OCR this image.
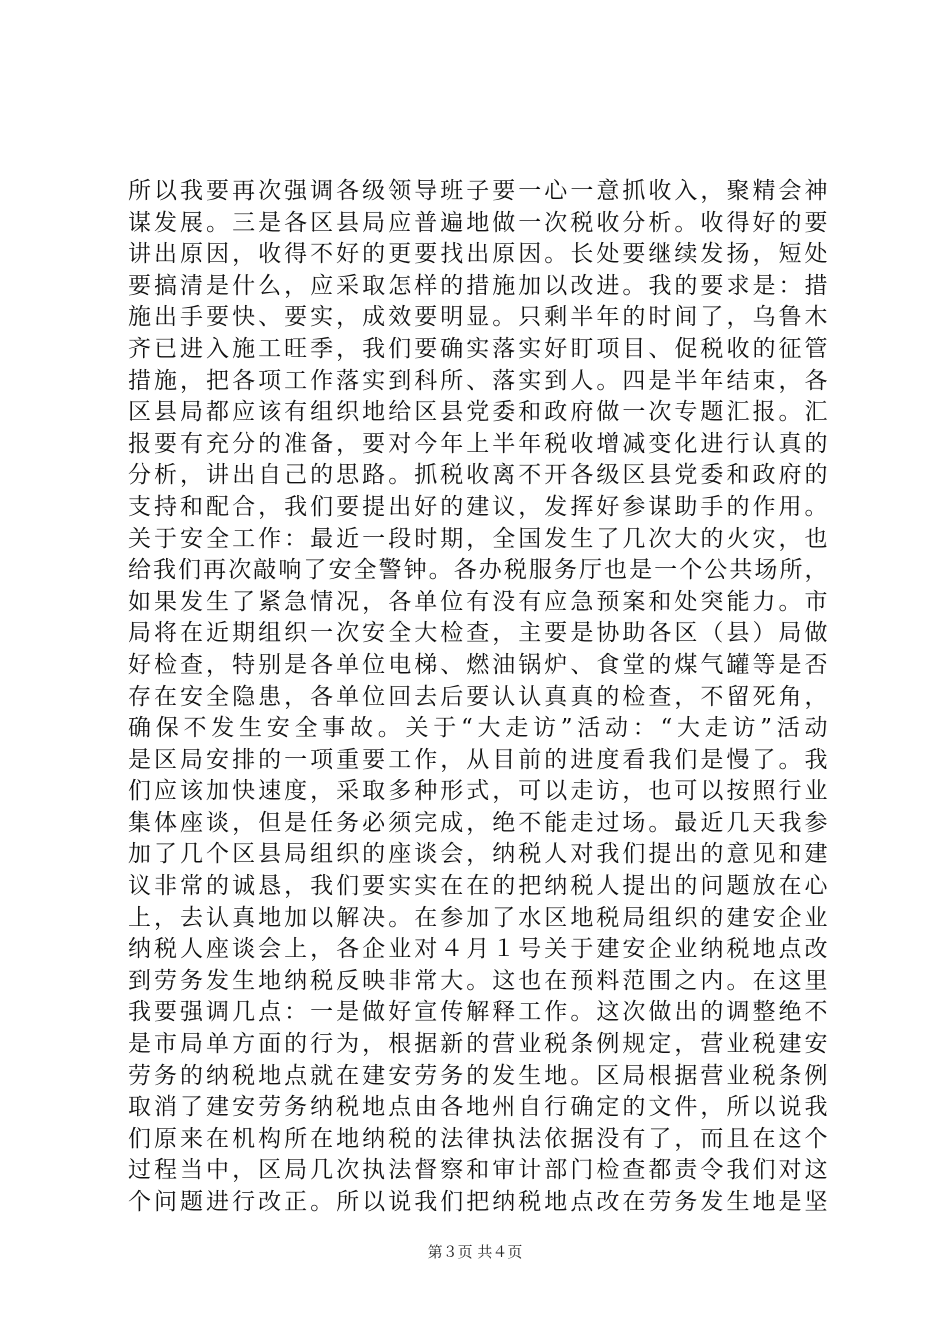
所以我要再次强调各级领导班子要一心一意抓收入，聚精会神
谋发展。三是各区县局应普遍地做一次税收分析。收得好的要
讲出原因，收得不好的更要找出原因。长处要继续发扬，短处
要搞清是什么，应采取怎样的措施加以改进。我的要求是：措
施出手要快、要实，成效要明显。只剩半年的时间了，乌鲁木
齐已进入施工旺季，我们要确实落实好盯项目、促税收的征管
措施，把各项工作落实到科所、落实到人。四是半年结束，各
区县局都应该有组织地给区县党委和政府做一次专题汇报。汇
报要有充分的准备，要对今年上半年税收增减变化进行认真的
分析，讲出自己的思路。抓税收离不开各级区县党委和政府的
支持和配合，我们要提出好的建议，发挥好参谋助手的作用。
关于安全工作：最近一段时期，全国发生了几次大的火灾，也
给我们再次敲响了安全警钟。各办税服务厅也是一个公共场所，
如果发生了紧急情况，各单位有没有应急预案和处突能力。市
局将在近期组织一次安全大检查，主要是协助各区（县）局做
好检查，特别是各单位电梯、燃油锅炉、食堂的煤气罐等是否
存在安全隐患，各单位回去后要认认真真的检查，不留死角，
确保不发生安全事故。关于“大走访”活动：“大走访”活动
是区局安排的一项重要工作，从目前的进度看我们是慢了。我
们应该加快速度，采取多种形式，可以走访，也可以按照行业
集体座谈，但是任务必须完成，绝不能走过场。最近几天我参
加了几个区县局组织的座谈会，纳税人对我们提出的意见和建
议非常的诚恳，我们要实实在在的把纳税人提出的问题放在心
上，去认真地加以解决。在参加了水区地税局组织的建安企业
纳税人座谈会上，各企业对４月１号关于建安企业纳税地点改
到劳务发生地纳税反映非常大。这也在预料范围之内。在这里
我要强调几点：一是做好宣传解释工作。这次做出的调整绝不
是市局单方面的行为，根据新的营业税条例规定，营业税建安
劳务的纳税地点就在建安劳务的发生地。区局根据营业税条例
取消了建安劳务纳税地点由各地州自行确定的文件，所以说我
们原来在机构所在地纳税的法律执法依据没有了，而且在这个
过程当中，区局几次执法督察和审计部门检查都责令我们对这
个问题进行改正。所以说我们把纳税地点改在劳务发生地是坚
第３页 共４页
